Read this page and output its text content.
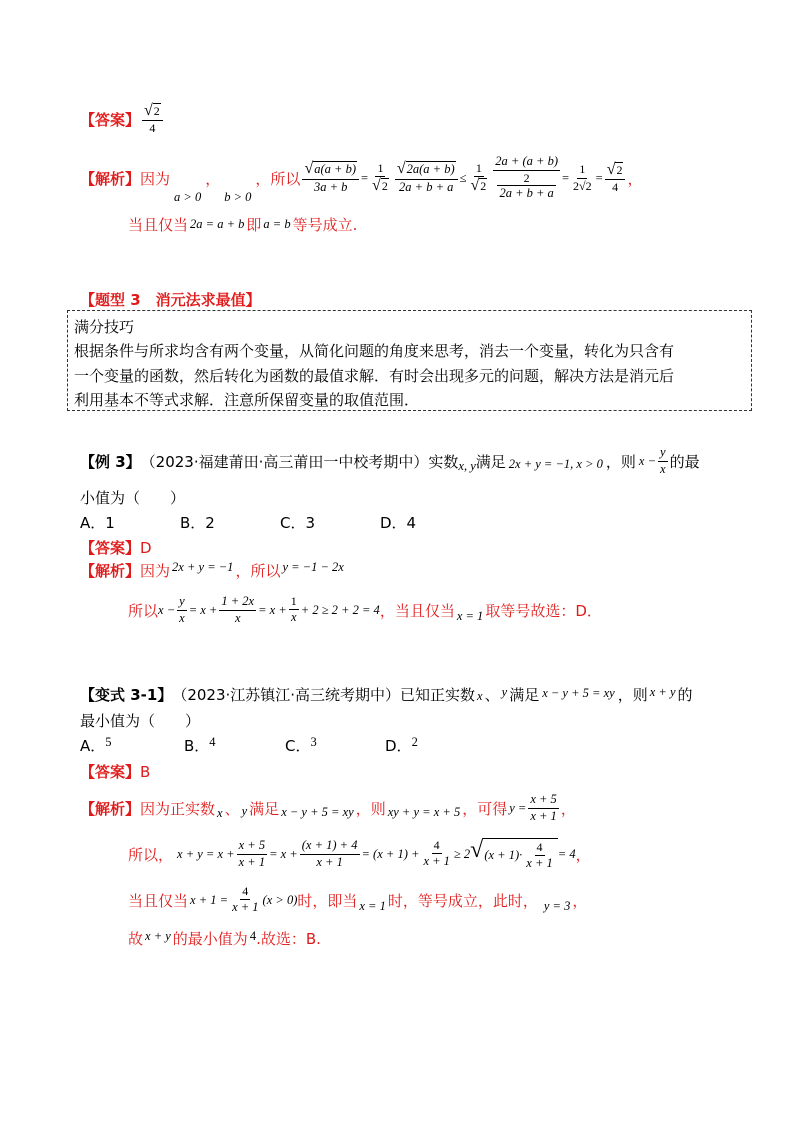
【答案】 $\frac{√ 2}{4}$
【解析】 因为
a > 0
，
b > 0
，所以 $\frac{√ a(a + b)}{3a + b} = \frac{1}{√ 2} \frac{√ 2a(a + b)}{2a + b + a} \le \frac{1}{√ 2} \frac{\frac{2a + (a + b)}{2}}{2a + b + a} = \frac{1}{2√2} = \frac{√ 2}{4}$ ，
当且仅当 2a = a + b 即 a = b 等号成立.
【题型 3　消元法求最值】
满分技巧
根据条件与所求均含有两个变量，从简化问题的角度来思考，消去一个变量，转化为只含有
一个变量的函数，然后转化为函数的最值求解．有时会出现多元的问题，解决方法是消元后
利用基本不等式求解．注意所保留变量的取值范围．
【例 3】 （2023·福建莆田·高三莆田一中校考期中）实数 x, y 满足 2x + y = −1, x > 0 ，则 $x - \frac{y}{x}$ 的最
小值为（　　）
A．1	B．2	C．3	D．4
【答案】 D
【解析】 因为 2x + y = −1 ，所以 y = −1 − 2x
所以 $x - \frac{y}{x} = x + \frac{1 + 2x}{x} = x + \frac{1}{x} + 2 \ge 2 + 2 = 4$ ，当且仅当 x = 1 取等号故选：D．
【变式 3-1】 （2023·江苏镇江·高三统考期中）已知正实数 x 、 y 满足 x − y + 5 = xy ，则 x + y 的
最小值为（　　）
A． 5	B． 4	C． 3	D． 2
【答案】 B
【解析】 因为正实数 x 、 y 满足 x − y + 5 = xy ，则 xy + y = x + 5 ，可得 $y = \frac{x + 5}{x + 1}$ ，
所以， $x + y = x + \frac{x + 5}{x + 1} = x + \frac{(x + 1) + 4}{x + 1} = (x + 1) + \frac{4}{x + 1} \ge 2$ √ $(x + 1)\cdot \frac{4}{x + 1} = 4$ ，
当且仅当 $x + 1 = \frac{4}{x + 1} (x > 0)$ 时，即当 x = 1 时，等号成立，此时， y = 3 ，
故 x + y 的最小值为 4 .故选：B.
